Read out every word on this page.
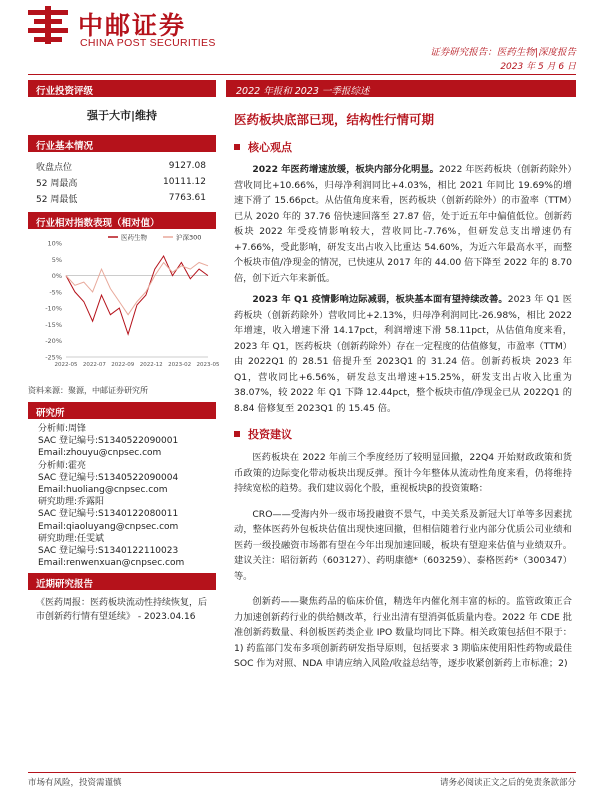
中邮证券
CHINA POST SECURITIES
证券研究报告：医药生物|深度报告
2023 年 5 月 6 日
行业投资评级
强于大市|维持
行业基本情况
收盘点位	9127.08
52 周最高	10111.12
52 周最低	7763.61
行业相对指数表现（相对值）
10%
5%
0%
-5%
-10%
-15%
-20%
-25%
2022-05 2022-07 2022-09 2022-12 2023-02 2023-05
医药生物	沪深300
资料来源：聚源，中邮证券研究所
研究所
分析师:周锋
SAC 登记编号:S1340522090001
Email:zhouyu@cnpsec.com
分析师:霍亮
SAC 登记编号:S1340522090004
Email:huoliang@cnpsec.com
研究助理:乔露阳
SAC 登记编号:S1340122080011
Email:qiaoluyang@cnpsec.com
研究助理:任雯斌
SAC 登记编号:S1340122110023
Email:renwenxuan@cnpsec.com
近期研究报告
《医药周报：医药板块流动性持续恢复，后市创新药行情有望延续》 - 2023.04.16
2022 年报和 2023 一季报综述
医药板块底部已现，结构性行情可期
核心观点

2022 年医药增速放缓，板块内部分化明显。2022 年医药板块（创新药除外）营收同比+10.66%，归母净利润同比+4.03%，相比 2021 年同比 19.69%的增速下滑了 15.66pct。从估值角度来看，医药板块（创新药除外）的市盈率（TTM）已从 2020 年的 37.76 倍快速回落至 27.87 倍，处于近五年中偏值低位。创新药板块 2022 年受疫情影响较大，营收同比-7.76%，但研发总支出增速仍有+7.66%，受此影响，研发支出占收入比重达 54.60%，为近六年最高水平，而整个板块市值/净现金的情况，已快速从 2017 年的 44.00 倍下降至 2022 年的 8.70 倍，创下近六年来新低。

2023 年 Q1 疫情影响边际减弱，板块基本面有望持续改善。2023 年 Q1 医药板块（创新药除外）营收同比+2.13%，归母净利润同比-26.98%，相比 2022 年增速，收入增速下滑 14.17pct，利润增速下滑 58.11pct，从估值角度来看，2023 年 Q1，医药板块（创新药除外）存在一定程度的估值修复，市盈率（TTM）由 2022Q1 的 28.51 倍提升至 2023Q1 的 31.24 倍。创新药板块 2023 年 Q1，营收同比+6.56%，研发总支出增速+15.25%，研发支出占收入比重为 38.07%，较 2022 年 Q1 下降 12.44pct，整个板块市值/净现金已从 2022Q1 的 8.84 倍修复至 2023Q1 的 15.45 倍。

投资建议

医药板块在 2022 年前三个季度经历了较明显回撤，22Q4 开始财政政策和货币政策的边际变化带动板块出现反弹。预计今年整体从流动性角度来看，仍将维持持续宽松的趋势。我们建议弱化个股，重视板块β的投资策略：

CRO——受海内外一级市场投融资不景气，中美关系及新冠大订单等多因素扰动，整体医药外包板块估值出现快速回撤，但相信随着行业内部分优质公司业绩和医药一级投融资市场都有望在今年出现加速回暖，板块有望迎来估值与业绩双升。建议关注：昭衍新药（603127）、药明康德*（603259）、泰格医药*（300347）等。

创新药——聚焦药品的临床价值，精选年内催化剂丰富的标的。监管政策正合力加速创新药行业的供给侧改革，行业出清有望消弭低质量内卷。2022 年 CDE 批准创新药数量、科创板医药类企业 IPO 数量均同比下降。相关政策包括但不限于：1) 药监部门发布多项创新药研发指导原则，包括要求 3 期临床使用阳性药物或最佳 SOC 作为对照、NDA 申请应纳入风险/收益总结等，逐步收紧创新药上市标准；2)

市场有风险，投资需谨慎	请务必阅读正文之后的免责条款部分
